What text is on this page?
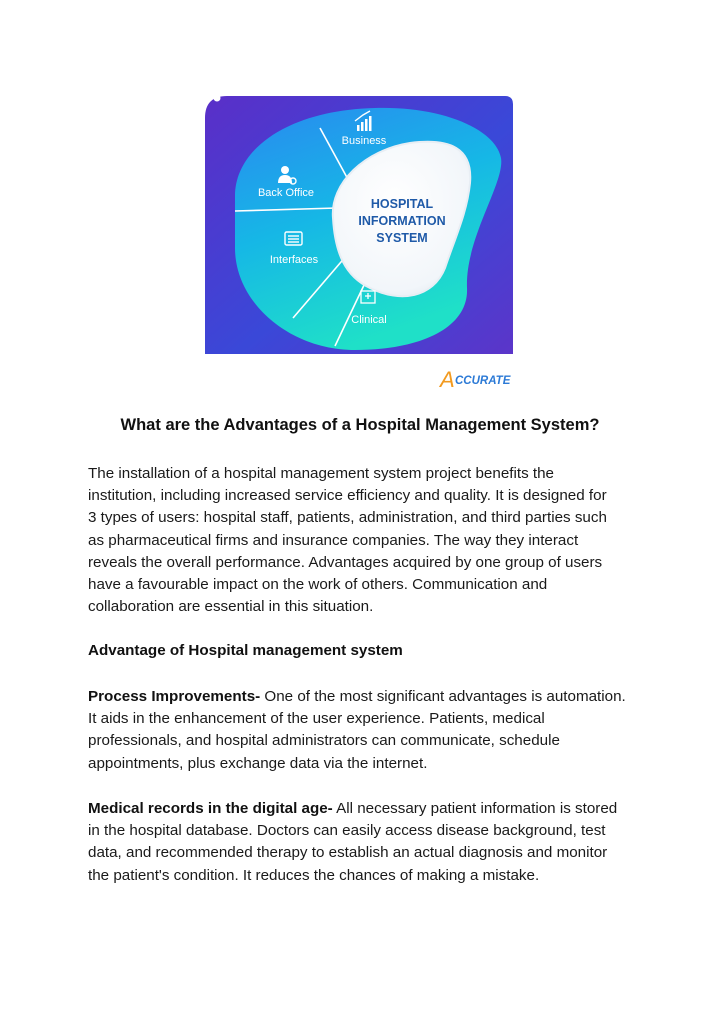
HOSPITAL
INFORMATION
SYSTEM
Business
Back Office
Interfaces
Clinical
A CCURATE
What are the Advantages of a Hospital Management System?
The installation of a hospital management system project benefits the
institution, including increased service efficiency and quality. It is designed for
3 types of users: hospital staff, patients, administration, and third parties such
as pharmaceutical firms and insurance companies. The way they interact
reveals the overall performance. Advantages acquired by one group of users
have a favourable impact on the work of others. Communication and
collaboration are essential in this situation.
Advantage of Hospital management system
Process Improvements- One of the most significant advantages is automation.
It aids in the enhancement of the user experience. Patients, medical
professionals, and hospital administrators can communicate, schedule
appointments, plus exchange data via the internet.
Medical records in the digital age- All necessary patient information is stored
in the hospital database. Doctors can easily access disease background, test
data, and recommended therapy to establish an actual diagnosis and monitor
the patient's condition. It reduces the chances of making a mistake.
